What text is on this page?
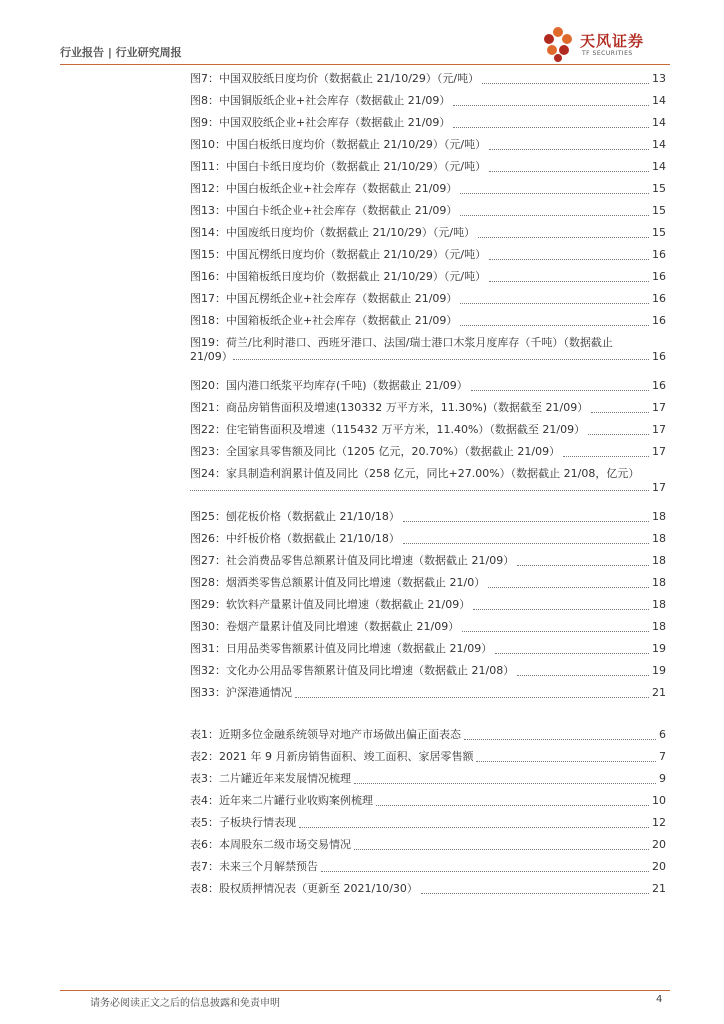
行业报告 | 行业研究周报
天风证券
TF SECURITIES
图7：中国双胶纸日度均价（数据截止 21/10/29）（元/吨）	13
图8：中国铜版纸企业+社会库存（数据截止 21/09）	14
图9：中国双胶纸企业+社会库存（数据截止 21/09）	14
图10：中国白板纸日度均价（数据截止 21/10/29）（元/吨）	14
图11：中国白卡纸日度均价（数据截止 21/10/29）（元/吨）	14
图12：中国白板纸企业+社会库存（数据截止 21/09）	15
图13：中国白卡纸企业+社会库存（数据截止 21/09）	15
图14：中国废纸日度均价（数据截止 21/10/29）（元/吨）	15
图15：中国瓦楞纸日度均价（数据截止 21/10/29）（元/吨）	16
图16：中国箱板纸日度均价（数据截止 21/10/29）（元/吨）	16
图17：中国瓦楞纸企业+社会库存（数据截止 21/09）	16
图18：中国箱板纸企业+社会库存（数据截止 21/09）	16
图19：荷兰/比利时港口、西班牙港口、法国/瑞士港口木浆月度库存（千吨）（数据截止
21/09）	16
图20：国内港口纸浆平均库存(千吨)（数据截止 21/09）	16
图21：商品房销售面积及增速(130332 万平方米，11.30%)（数据截至 21/09）	17
图22：住宅销售面积及增速（115432 万平方米，11.40%）（数据截至 21/09）	17
图23：全国家具零售额及同比（1205 亿元，20.70%）（数据截止 21/09）	17
图24：家具制造利润累计值及同比（258 亿元，同比+27.00%）（数据截止 21/08，亿元）
17
图25：刨花板价格（数据截止 21/10/18）	18
图26：中纤板价格（数据截止 21/10/18）	18
图27：社会消费品零售总额累计值及同比增速（数据截止 21/09）	18
图28：烟酒类零售总额累计值及同比增速（数据截止 21/0）	18
图29：软饮料产量累计值及同比增速（数据截止 21/09）	18
图30：卷烟产量累计值及同比增速（数据截止 21/09）	18
图31：日用品类零售额累计值及同比增速（数据截止 21/09）	19
图32：文化办公用品零售额累计值及同比增速（数据截止 21/08）	19
图33：沪深港通情况	21
表1：近期多位金融系统领导对地产市场做出偏正面表态	6
表2：2021 年 9 月新房销售面积、竣工面积、家居零售额	7
表3：二片罐近年来发展情况梳理	9
表4：近年来二片罐行业收购案例梳理	10
表5：子板块行情表现	12
表6：本周股东二级市场交易情况	20
表7：未来三个月解禁预告	20
表8：股权质押情况表（更新至 2021/10/30）	21
请务必阅读正文之后的信息披露和免责申明	4
